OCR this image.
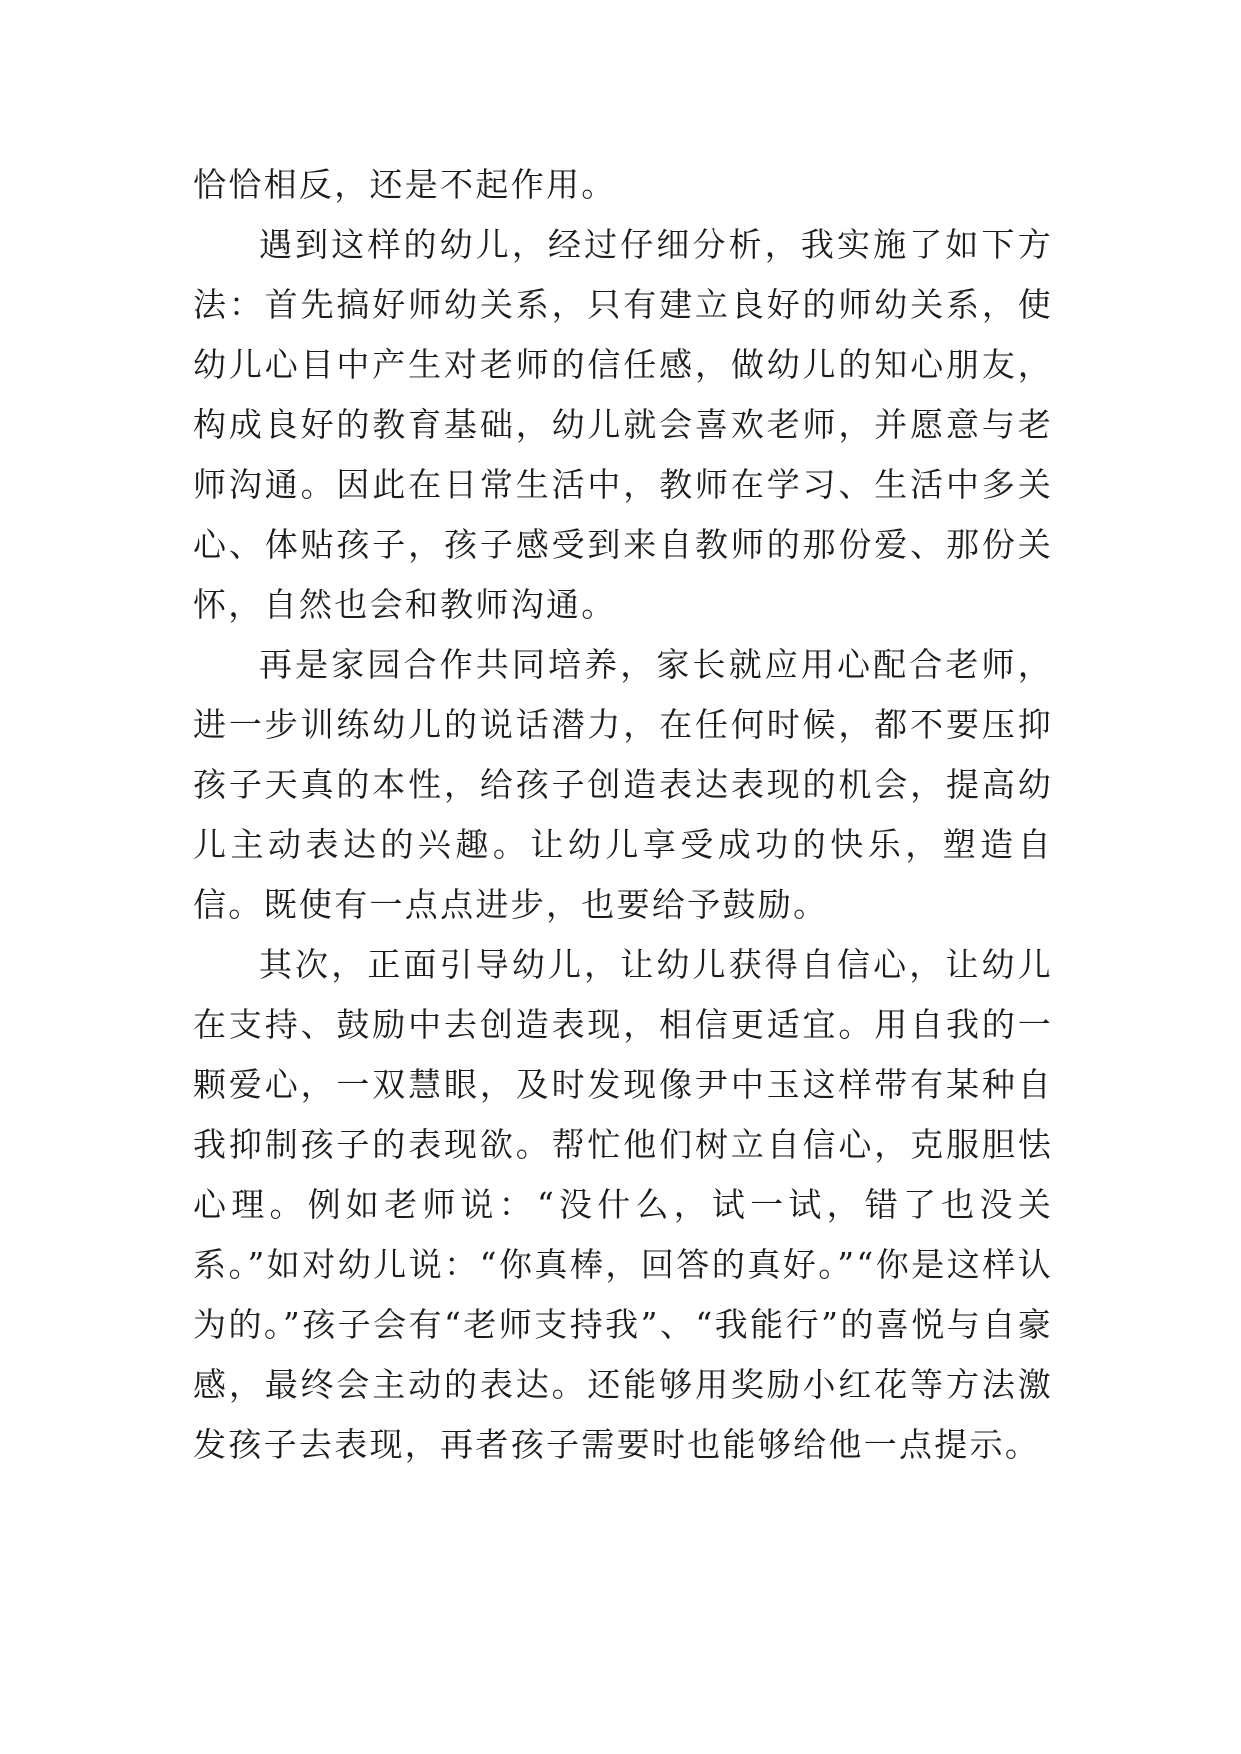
恰恰相反，还是不起作用。

遇到这样的幼儿，经过仔细分析，我实施了如下方法：首先搞好师幼关系，只有建立良好的师幼关系，使幼儿心目中产生对老师的信任感，做幼儿的知心朋友，构成良好的教育基础，幼儿就会喜欢老师，并愿意与老师沟通。因此在日常生活中，教师在学习、生活中多关心、体贴孩子，孩子感受到来自教师的那份爱、那份关怀，自然也会和教师沟通。

再是家园合作共同培养，家长就应用心配合老师，进一步训练幼儿的说话潜力，在任何时候，都不要压抑孩子天真的本性，给孩子创造表达表现的机会，提高幼儿主动表达的兴趣。让幼儿享受成功的快乐，塑造自信。既使有一点点进步，也要给予鼓励。

其次，正面引导幼儿，让幼儿获得自信心，让幼儿在支持、鼓励中去创造表现，相信更适宜。用自我的一颗爱心，一双慧眼，及时发现像尹中玉这样带有某种自我抑制孩子的表现欲。帮忙他们树立自信心，克服胆怯心理。例如老师说：“没什么，试一试，错了也没关系。”如对幼儿说：“你真棒，回答的真好。”“你是这样认为的。”孩子会有“老师支持我”、“我能行”的喜悦与自豪感，最终会主动的表达。还能够用奖励小红花等方法激发孩子去表现，再者孩子需要时也能够给他一点提示。
